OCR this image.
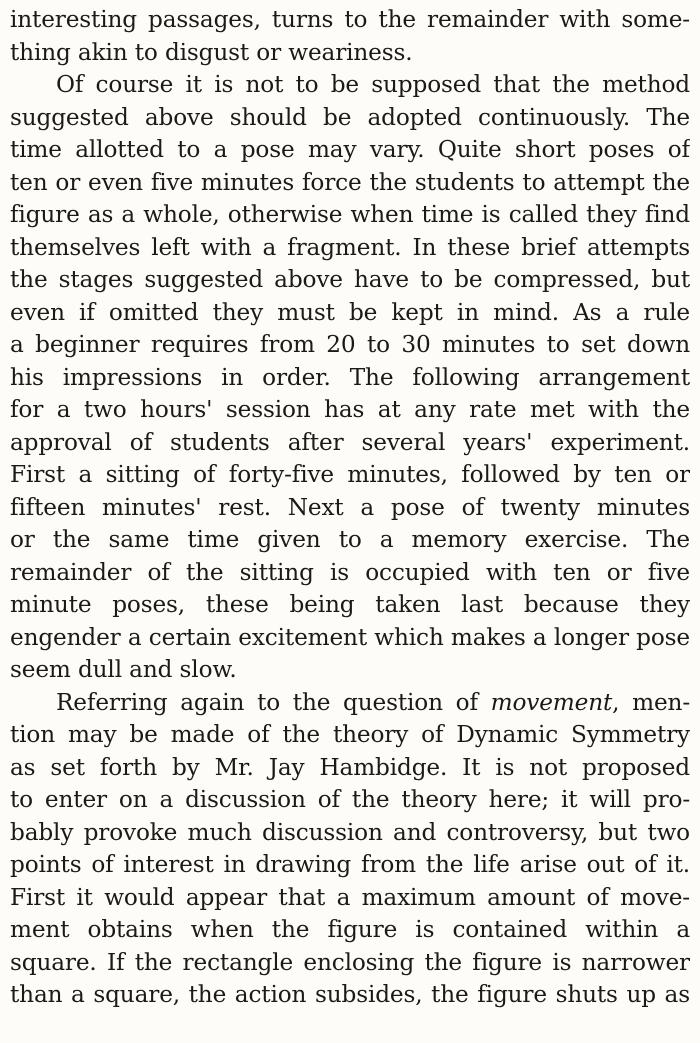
interesting passages, turns to the remainder with some-
thing akin to disgust or weariness.
Of course it is not to be supposed that the method
suggested above should be adopted continuously. The
time allotted to a pose may vary. Quite short poses of
ten or even five minutes force the students to attempt the
figure as a whole, otherwise when time is called they find
themselves left with a fragment. In these brief attempts
the stages suggested above have to be compressed, but
even if omitted they must be kept in mind. As a rule
a beginner requires from 20 to 30 minutes to set down
his impressions in order. The following arrangement
for a two hours' session has at any rate met with the
approval of students after several years' experiment.
First a sitting of forty-five minutes, followed by ten or
fifteen minutes' rest. Next a pose of twenty minutes
or the same time given to a memory exercise. The
remainder of the sitting is occupied with ten or five
minute poses, these being taken last because they
engender a certain excitement which makes a longer pose
seem dull and slow.
Referring again to the question of movement, men-
tion may be made of the theory of Dynamic Symmetry
as set forth by Mr. Jay Hambidge. It is not proposed
to enter on a discussion of the theory here; it will pro-
bably provoke much discussion and controversy, but two
points of interest in drawing from the life arise out of it.
First it would appear that a maximum amount of move-
ment obtains when the figure is contained within a
square. If the rectangle enclosing the figure is narrower
than a square, the action subsides, the figure shuts up as
